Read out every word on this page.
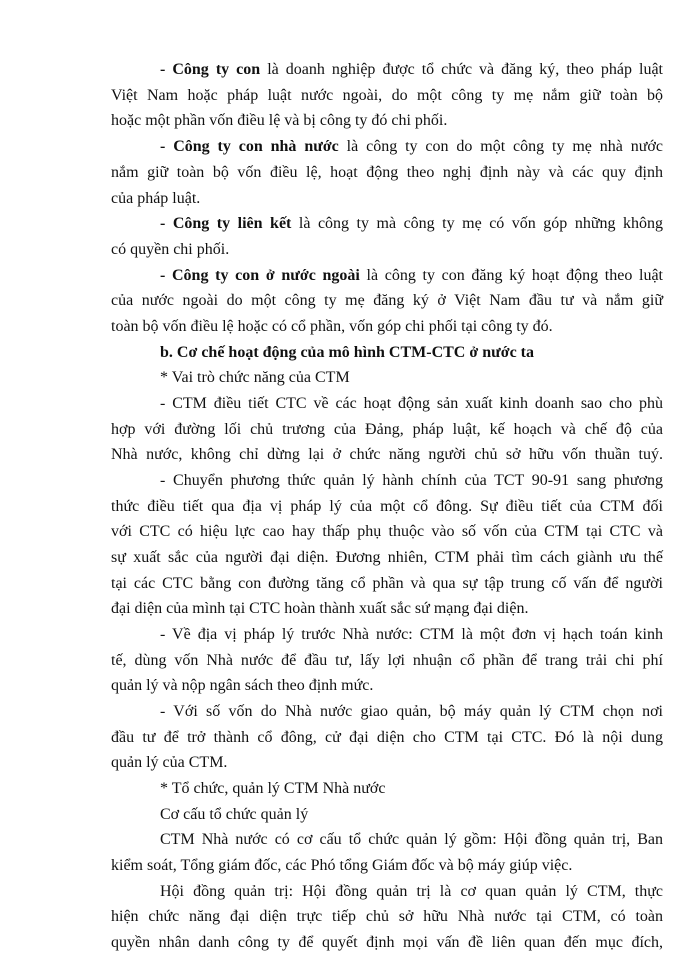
- Công ty con là doanh nghiệp được tổ chức và đăng ký, theo pháp luật
Việt Nam hoặc pháp luật nước ngoài, do một công ty mẹ nắm giữ toàn bộ
hoặc một phần vốn điều lệ và bị công ty đó chi phối.
- Công ty con nhà nước là công ty con do một công ty mẹ nhà nước
nắm giữ toàn bộ vốn điều lệ, hoạt động theo nghị định này và các quy định
của pháp luật.
- Công ty liên kết là công ty mà công ty mẹ có vốn góp những không
có quyền chi phối.
- Công ty con ở nước ngoài là công ty con đăng ký hoạt động theo luật
của nước ngoài do một công ty mẹ đăng ký ở Việt Nam đầu tư và nắm giữ
toàn bộ vốn điều lệ hoặc có cổ phần, vốn góp chi phối tại công ty đó.
b. Cơ chế hoạt động của mô hình CTM-CTC ở nước ta
* Vai trò chức năng của CTM
- CTM điều tiết CTC về các hoạt động sản xuất kinh doanh sao cho phù
hợp với đường lối chủ trương của Đảng, pháp luật, kế hoạch và chế độ của
Nhà nước, không chỉ dừng lại ở chức năng người chủ sở hữu vốn thuần tuý.
- Chuyển phương thức quản lý hành chính của TCT 90-91 sang phương
thức điều tiết qua địa vị pháp lý của một cổ đông. Sự điều tiết của CTM đối
với CTC có hiệu lực cao hay thấp phụ thuộc vào số vốn của CTM tại CTC và
sự xuất sắc của người đại diện. Đương nhiên, CTM phải tìm cách giành ưu thế
tại các CTC bằng con đường tăng cổ phần và qua sự tập trung cố vấn để người
đại diện của mình tại CTC hoàn thành xuất sắc sứ mạng đại diện.
- Về địa vị pháp lý trước Nhà nước: CTM là một đơn vị hạch toán kinh
tế, dùng vốn Nhà nước để đầu tư, lấy lợi nhuận cổ phần để trang trải chi phí
quản lý và nộp ngân sách theo định mức.
- Với số vốn do Nhà nước giao quản, bộ máy quản lý CTM chọn nơi
đầu tư để trở thành cổ đông, cử đại diện cho CTM tại CTC. Đó là nội dung
quản lý của CTM.
* Tổ chức, quản lý CTM Nhà nước
Cơ cấu tổ chức quản lý
CTM Nhà nước có cơ cấu tổ chức quản lý gồm: Hội đồng quản trị, Ban
kiểm soát, Tổng giám đốc, các Phó tổng Giám đốc và bộ máy giúp việc.
Hội đồng quản trị: Hội đồng quản trị là cơ quan quản lý CTM, thực
hiện chức năng đại diện trực tiếp chủ sở hữu Nhà nước tại CTM, có toàn
quyền nhân danh công ty để quyết định mọi vấn đề liên quan đến mục đích,
